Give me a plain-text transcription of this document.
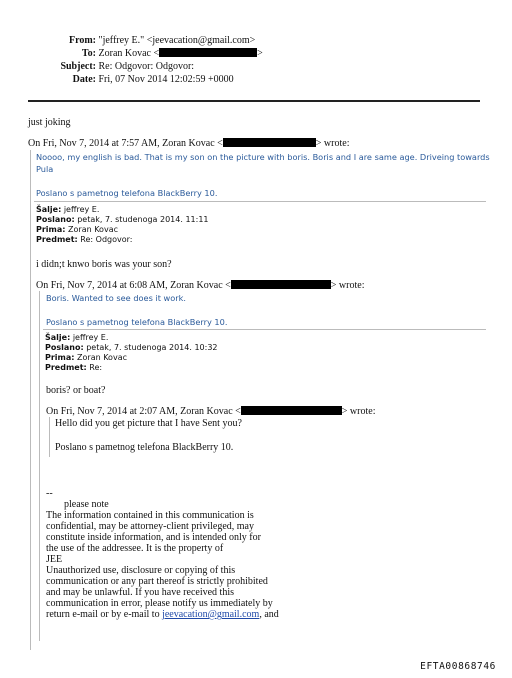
From: "jeffrey E." <jeevacation@gmail.com>
To: Zoran Kovac <	>
Subject: Re: Odgovor: Odgovor:
Date: Fri, 07 Nov 2014 12:02:59 +0000
just joking
On Fri, Nov 7, 2014 at 7:57 AM, Zoran Kovac <	> wrote:
Noooo, my english is bad. That is my son on the picture with boris. Boris and I are same age. Driveing towards
Pula
Poslano s pametnog telefona BlackBerry 10.
Šalje: jeffrey E.
Poslano: petak, 7. studenoga 2014. 11:11
Prima: Zoran Kovac
Predmet: Re: Odgovor:
i didn;t knwo boris was your son?
On Fri, Nov 7, 2014 at 6:08 AM, Zoran Kovac <	> wrote:
Boris. Wanted to see does it work.
Poslano s pametnog telefona BlackBerry 10.
Šalje: jeffrey E.
Poslano: petak, 7. studenoga 2014. 10:32
Prima: Zoran Kovac
Predmet: Re:
boris? or boat?
On Fri, Nov 7, 2014 at 2:07 AM, Zoran Kovac <	> wrote:
Hello did you get picture that I have Sent you?
Poslano s pametnog telefona BlackBerry 10.
--
please note
The information contained in this communication is
confidential, may be attorney-client privileged, may
constitute inside information, and is intended only for
the use of the addressee. It is the property of
JEE
Unauthorized use, disclosure or copying of this
communication or any part thereof is strictly prohibited
and may be unlawful. If you have received this
communication in error, please notify us immediately by
return e-mail or by e-mail to jeevacation@gmail.com, and
EFTA00868746
